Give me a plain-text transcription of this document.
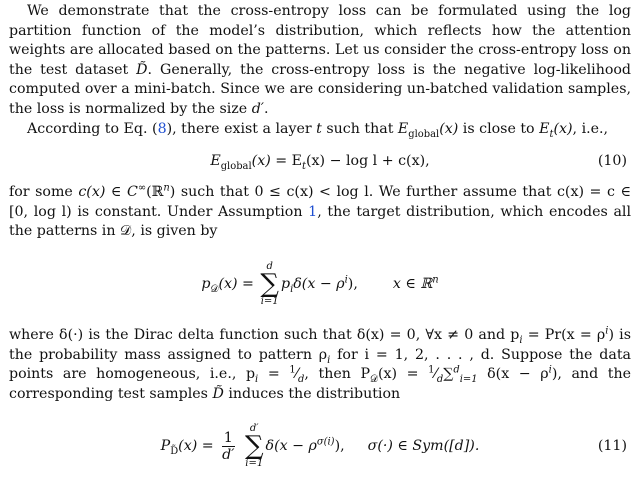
We demonstrate that the cross-entropy loss can be formulated using the log partition function of the model’s distribution, which reflects how the attention weights are allocated based on the patterns. Let us consider the cross-entropy loss on the test dataset D̃. Generally, the cross-entropy loss is the negative log-likelihood computed over a mini-batch. Since we are considering un-batched validation samples, the loss is normalized by the size d′.

According to Eq. (8), there exist a layer t such that $E_{global}(x)$ is close to $E_t(x)$, i.e.,

$E_{global}(x) = E_t(x) - \log l + c(x)$,	(10)

for some c(x) ∈ C∞(ℝ$^n$) such that 0 ≤ c(x) < log l. We further assume that c(x) = c ∈ [0, log l) is constant. Under Assumption 1, the target distribution, which encodes all the patterns in 𝒟, is given by

$p_𝒟(x)$ =
d
∑
i=1
$p_i\delta(x - \rho^i)$, x ∈ ℝ$^n$

where δ(·) is the Dirac delta function such that δ(x) = 0, ∀x ≠ 0 and $p_i = Pr(x = \rho^i)$ is the probability mass assigned to pattern $\rho_i$ for i = 1, 2, . . . , d. Suppose the data points are homogeneous, i.e., $p_i$ = $^1⁄_d$, then $P_𝒟(x)$ = $^1⁄_d\sum^d_{i=1}$ $\delta(x - \rho^i)$, and the corresponding test samples D̃ induces the distribution

$P_{D̃}(x) = \frac{1}{d'}$

d′
∑
i=1
$\delta(x - \rho^{\sigma(i)})$, σ(·) ∈ Sym([d]).	(11)
